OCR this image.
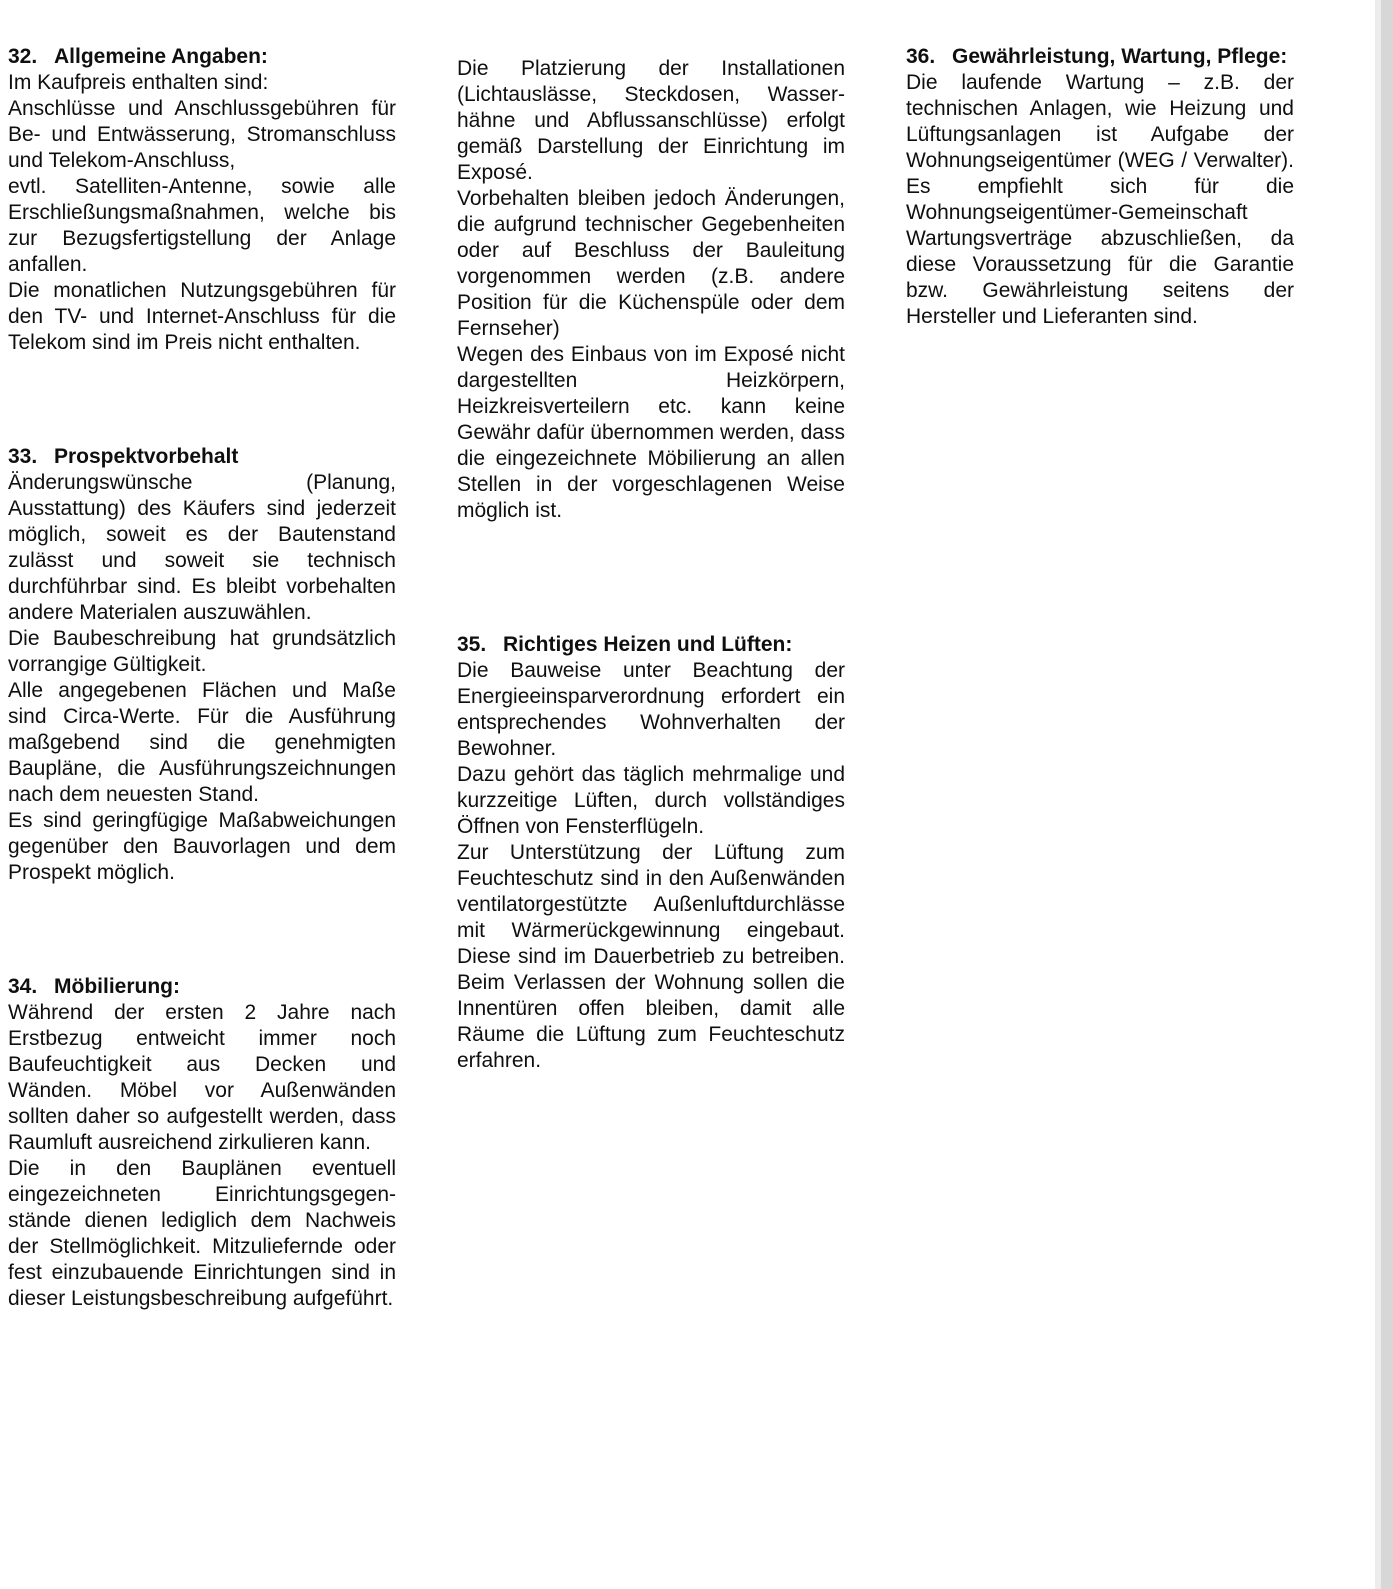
32. Allgemeine Angaben:

Im Kaufpreis enthalten sind:

Anschlüsse und Anschlussgebühren für Be- und Entwässerung, Stromanschluss und Telekom-Anschluss,

evtl. Satelliten-Antenne, sowie alle Erschließungsmaßnahmen, welche bis zur Bezugsfertigstellung der Anlage anfallen.

Die monatlichen Nutzungsgebühren für den TV- und Internet-Anschluss für die Telekom sind im Preis nicht enthalten.

33. Prospektvorbehalt

Änderungswünsche (Planung, Ausstattung) des Käufers sind jederzeit möglich, soweit es der Bautenstand zulässt und soweit sie technisch durchführbar sind. Es bleibt vorbehalten andere Materialen auszuwählen.

Die Baubeschreibung hat grundsätzlich vorrangige Gültigkeit.

Alle angegebenen Flächen und Maße sind Circa-Werte. Für die Ausführung maßgebend sind die genehmigten Baupläne, die Ausführungszeichnungen nach dem neuesten Stand.

Es sind geringfügige Maßabweichungen gegenüber den Bauvorlagen und dem Prospekt möglich.

34. Möbilierung:

Während der ersten 2 Jahre nach Erstbezug entweicht immer noch Baufeuchtigkeit aus Decken und Wänden. Möbel vor Außenwänden sollten daher so aufgestellt werden, dass Raumluft ausreichend zirkulieren kann.

Die in den Bauplänen eventuell eingezeichneten Einrichtungsgegenstände dienen lediglich dem Nachweis der Stellmöglichkeit. Mitzuliefernde oder fest einzubauende Einrichtungen sind in dieser Leistungsbeschreibung aufgeführt.

Die Platzierung der Installationen (Lichtauslässe, Steckdosen, Wasserhähne und Abflussanschlüsse) erfolgt gemäß Darstellung der Einrichtung im Exposé.

Vorbehalten bleiben jedoch Änderungen, die aufgrund technischer Gegebenheiten oder auf Beschluss der Bauleitung vorgenommen werden (z.B. andere Position für die Küchenspüle oder dem Fernseher)

Wegen des Einbaus von im Exposé nicht dargestellten Heizkörpern, Heizkreisverteilern etc. kann keine Gewähr dafür übernommen werden, dass die eingezeichnete Möbilierung an allen Stellen in der vorgeschlagenen Weise möglich ist.

35. Richtiges Heizen und Lüften:

Die Bauweise unter Beachtung der Energieeinsparverordnung erfordert ein entsprechendes Wohnverhalten der Bewohner.

Dazu gehört das täglich mehrmalige und kurzzeitige Lüften, durch vollständiges Öffnen von Fensterflügeln.

Zur Unterstützung der Lüftung zum Feuchteschutz sind in den Außenwänden ventilatorgestützte Außenluftdurchlässe mit Wärmerückgewinnung eingebaut. Diese sind im Dauerbetrieb zu betreiben. Beim Verlassen der Wohnung sollen die Innentüren offen bleiben, damit alle Räume die Lüftung zum Feuchteschutz erfahren.

36. Gewährleistung, Wartung, Pflege:

Die laufende Wartung – z.B. der technischen Anlagen, wie Heizung und Lüftungsanlagen ist Aufgabe der Wohnungseigentümer (WEG / Verwalter). Es empfiehlt sich für die Wohnungseigentümer-Gemeinschaft Wartungsverträge abzuschließen, da diese Voraussetzung für die Garantie bzw. Gewährleistung seitens der Hersteller und Lieferanten sind.
